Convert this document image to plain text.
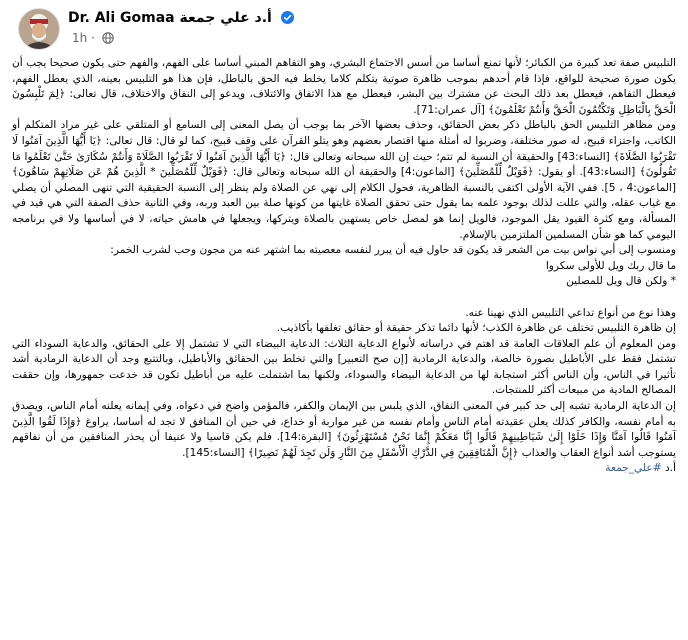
Dr. Ali Gomaa أ.د علي جمعة
1h ·

التلبيس صفة تعد كبيرة من الكبائر؛ لأنها تمنع أساسا من أسس الاجتماع البشري، وهو التفاهم المبني أساسا على الفهم، والفهم حتى يكون صحيحا يجب أن يكون صورة صحيحة للواقع، فإذا قام أحدهم بموجب ظاهرة صوتية يتكلم كلاما يخلط فيه الحق بالباطل، فإن هذا هو التلبيس بعينه، الذي يعطل الفهم، فيعطل التفاهم، فيعطل بعد ذلك البحث عن مشترك بين البشر، فيعطل مع هذا الاتفاق والائتلاف، ويدعو إلى النفاق والاختلاف، قال تعالى: ﴿لِمَ تَلْبِسُونَ الْحَقَّ بِالْبَاطِلِ وَتَكْتُمُونَ الْحَقَّ وَأَنتُمْ تَعْلَمُونَ﴾ [آل عمران:71].

ومن مظاهر التلبيس الحق بالباطل ذكر بعض الحقائق، وحذف بعضها الآخر بما يوجب أن يصل المعنى إلى السامع أو المتلقي على غير مراد المتكلم أو الكاتب، واجتزاء قبيح، له صور مختلفة، وضربوا له أمثلة منها اقتصار بعضهم وهو يتلو القرآن على وقف قبيح، كما لو قال: قال تعالى: ﴿يَا أَيُّهَا الَّذِينَ آمَنُوا لَا تَقْرَبُوا الصَّلَاةَ﴾ [النساء:43] والحقيقة أن النسبة لم تتم؛ حيث إن الله سبحانه وتعالى قال: ﴿يَا أَيُّهَا الَّذِينَ آمَنُوا لَا تَقْرَبُوا الصَّلَاةَ وَأَنتُمْ سُكَارَىٰ حَتَّىٰ تَعْلَمُوا مَا تَقُولُونَ﴾ [النساء:43]. أو يقول: ﴿فَوَيْلٌ لِّلْمُصَلِّينَ﴾ [الماعون:4] والحقيقة أن الله سبحانه وتعالى قال: ﴿فَوَيْلٌ لِّلْمُصَلِّينَ * الَّذِينَ هُمْ عَن صَلَاتِهِمْ سَاهُونَ﴾ [الماعون:4 ، 5]. ففي الآية الأولى اكتفى بالنسبة الظاهرية، فحول الكلام إلى نهي عن الصلاة ولم ينظر إلى النسبة الحقيقية التي تنهى المصلي أن يصلي مع غياب عقله، والتي عللت لذلك بوجود علمه بما يقول حتى تحقق الصلاة غايتها من كونها صلة بين العبد وربه، وفي الثانية حذف الصفة التي هي قيد في المسألة، ومع كثرة القيود يقل الموجود، فالويل إنما هو لمصل خاص يستهين بالصلاة ويتركها، ويجعلها في هامش حياته، لا في أساسها ولا في برنامجه اليومي كما هو شأن المسلمين الملتزمين بالإسلام.

ومنسوب إلى أبي نواس بيت من الشعر قد يكون قد حاول فيه أن يبرر لنفسه معصيته بما اشتهر عنه من مجون وحب لشرب الخمر:

ما قال ربك ويل للأولى سكروا

* ولكن قال ويل للمصلين

وهذا نوع من أنواع تداعي التلبيس الذي نهينا عنه.

إن ظاهرة التلبيس تختلف عن ظاهرة الكذب؛ لأنها دائما تذكر حقيقة أو حقائق تغلفها بأكاذيب.

ومن المعلوم أن علم العلاقات العامة قد اهتم في دراساته لأنواع الدعاية الثلاث: الدعاية البيضاء التي لا تشتمل إلا على الحقائق، والدعاية السوداء التي تشتمل فقط على الأباطيل بصورة خالصة، والدعاية الرمادية [إن صح التعبير] والتي تخلط بين الحقائق والأباطيل، وبالتتبع وجد أن الدعاية الرمادية أشد تأثيرا في الناس، وأن الناس أكثر استجابة لها من الدعاية البيضاء والسوداء، ولكنها بما اشتملت عليه من أباطيل تكون قد خدعت جمهورها، وإن حققت المصالح المادية من مبيعات أكثر للمنتجات.

إن الدعاية الرمادية تشبه إلى حد كبير في المعنى النفاق، الذي يلبس بين الإيمان والكفر، فالمؤمن واضح في دعواه، وفي إيمانه يعلنه أمام الناس، ويصدق به أمام نفسه، والكافر كذلك يعلن عقيدته أمام الناس وأمام نفسه من غير مواربة أو خداع، في حين أن المنافق لا تجد له أساسا، يراوغ ﴿وَإِذَا لَقُوا الَّذِينَ آمَنُوا قَالُوا آمَنَّا وَإِذَا خَلَوْا إِلَىٰ شَيَاطِينِهِمْ قَالُوا إِنَّا مَعَكُمْ إِنَّمَا نَحْنُ مُسْتَهْزِئُونَ﴾ [البقرة:14]. فلم يكن قاسيا ولا عنيفا أن يحذر المنافقين من أن نفاقهم يستوجب أشد أنواع العقاب والعذاب ﴿إِنَّ الْمُنَافِقِينَ فِي الدَّرْكِ الْأَسْفَلِ مِنَ النَّارِ وَلَن تَجِدَ لَهُمْ نَصِيرًا﴾ [النساء:145].

أ.د #علي_جمعة
